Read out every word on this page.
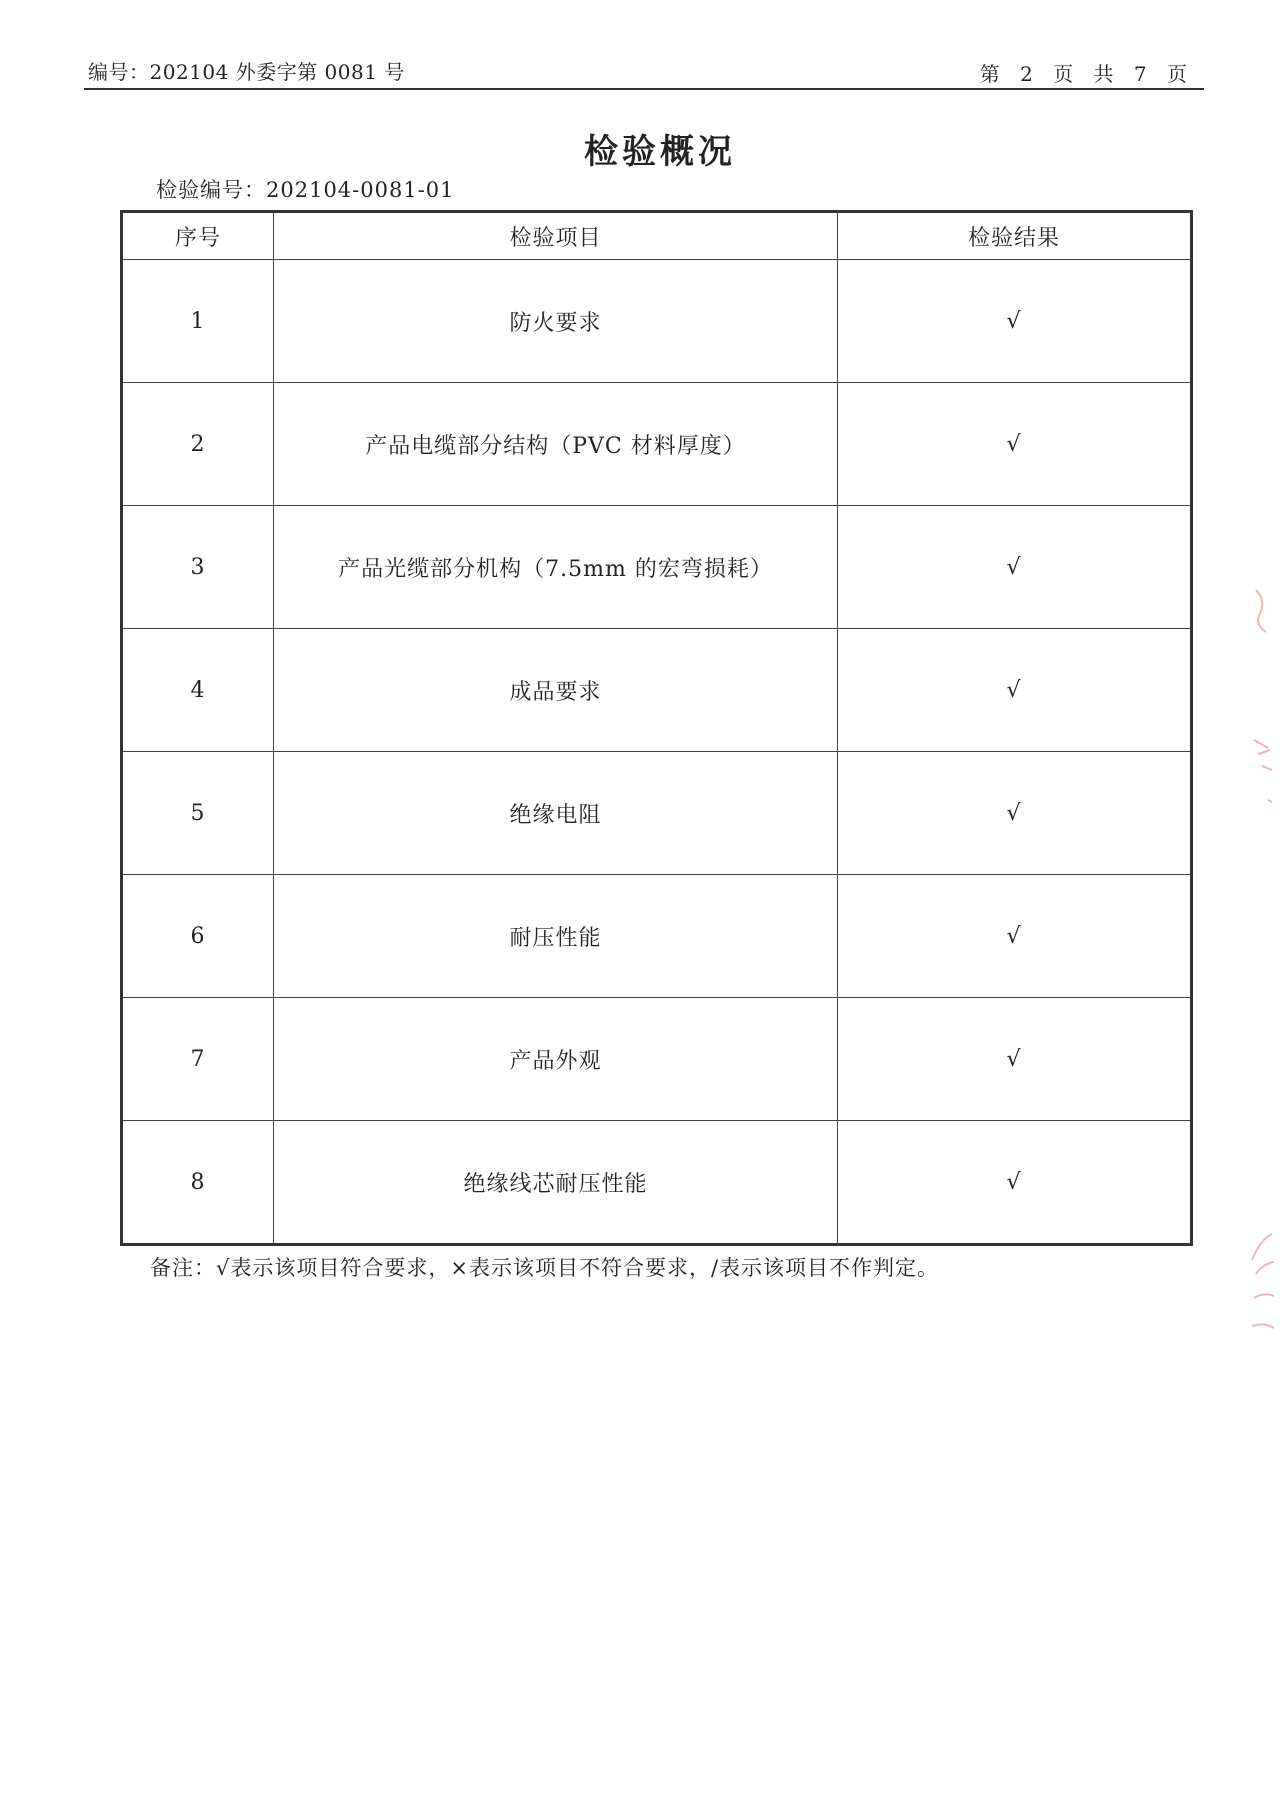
编号：202104 外委字第 0081 号	第 2 页 共 7 页
检验概况
检验编号：202104-0081-01
序号	检验项目	检验结果
1	防火要求	√
2	产品电缆部分结构（PVC 材料厚度）	√
3	产品光缆部分机构（7.5mm 的宏弯损耗）	√
4	成品要求	√
5	绝缘电阻	√
6	耐压性能	√
7	产品外观	√
8	绝缘线芯耐压性能	√
备注：√表示该项目符合要求，×表示该项目不符合要求，/表示该项目不作判定。
